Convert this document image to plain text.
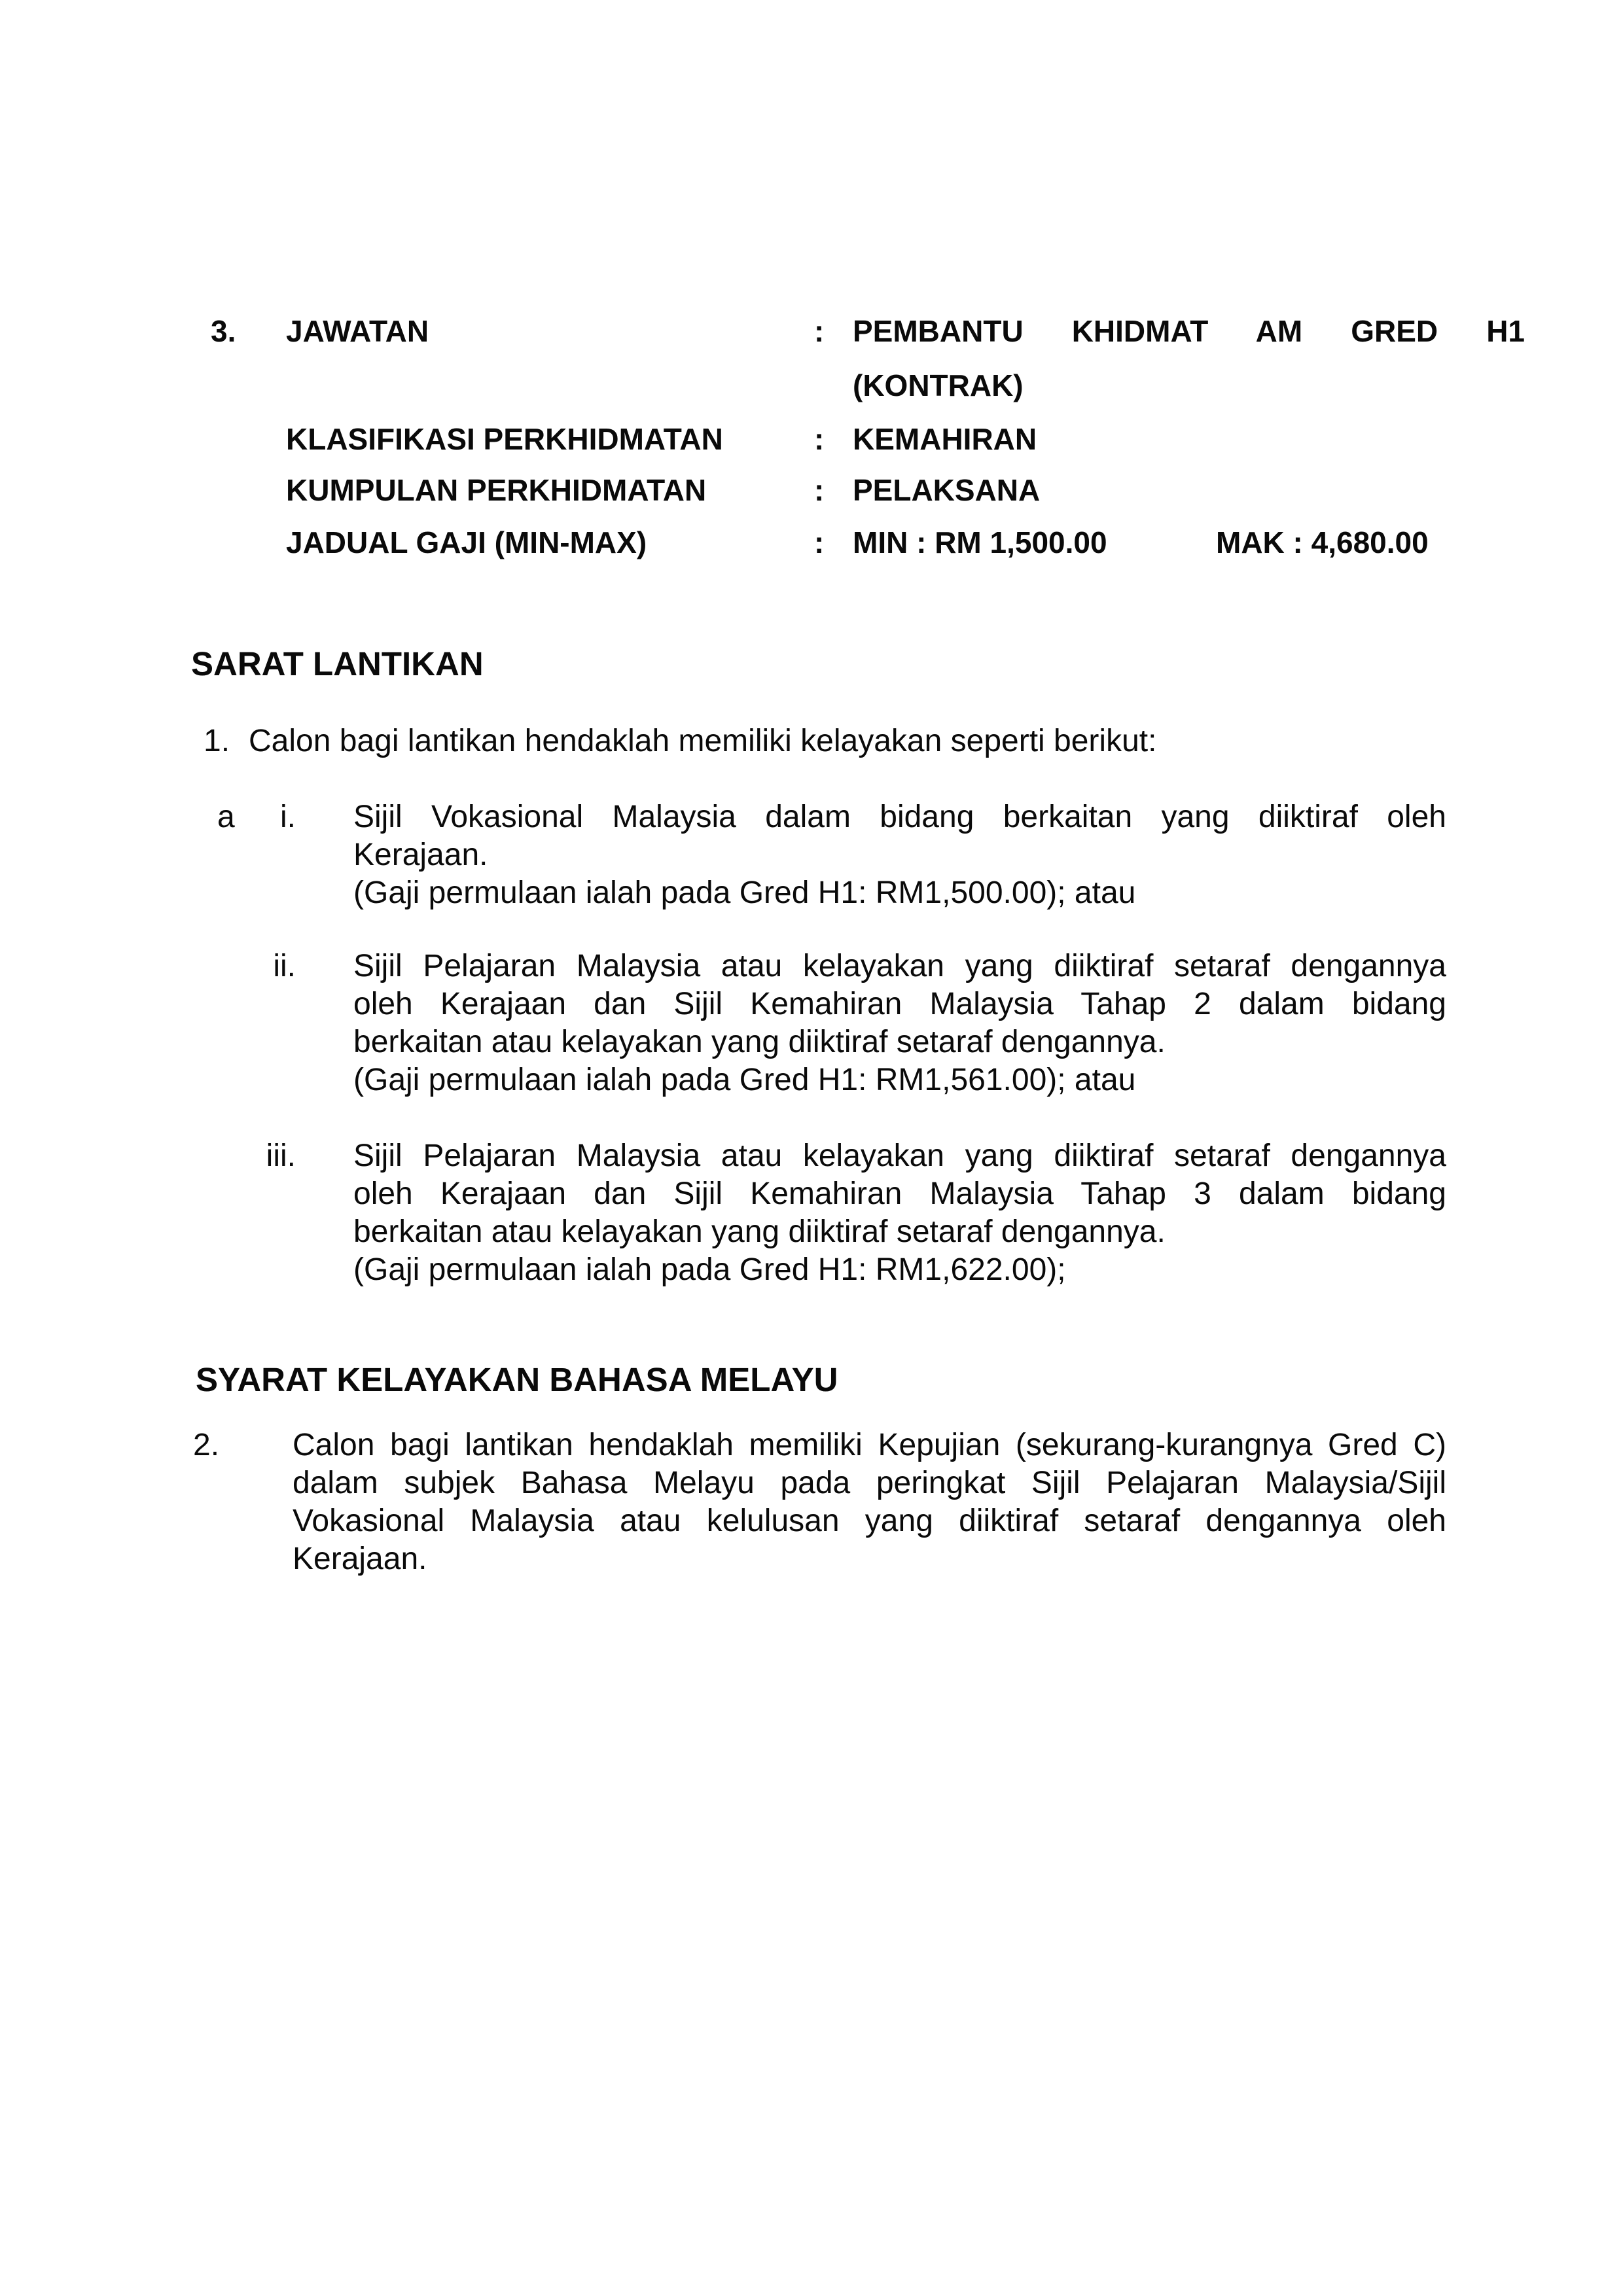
3. JAWATAN	: PEMBANTU KHIDMAT AM GRED H1
(KONTRAK)
KLASIFIKASI PERKHIDMATAN	: KEMAHIRAN
KUMPULAN PERKHIDMATAN	: PELAKSANA
JADUAL GAJI (MIN-MAX)	: MIN : RM 1,500.00	MAK : 4,680.00
SARAT LANTIKAN
1. Calon bagi lantikan hendaklah memiliki kelayakan seperti berikut:
a	i. Sijil Vokasional Malaysia dalam bidang berkaitan yang diiktiraf oleh
Kerajaan.
(Gaji permulaan ialah pada Gred H1: RM1,500.00); atau
ii. Sijil Pelajaran Malaysia atau kelayakan yang diiktiraf setaraf dengannya
oleh Kerajaan dan Sijil Kemahiran Malaysia Tahap 2 dalam bidang
berkaitan atau kelayakan yang diiktiraf setaraf dengannya.
(Gaji permulaan ialah pada Gred H1: RM1,561.00); atau
iii. Sijil Pelajaran Malaysia atau kelayakan yang diiktiraf setaraf dengannya
oleh Kerajaan dan Sijil Kemahiran Malaysia Tahap 3 dalam bidang
berkaitan atau kelayakan yang diiktiraf setaraf dengannya.
(Gaji permulaan ialah pada Gred H1: RM1,622.00);
SYARAT KELAYAKAN BAHASA MELAYU
2. Calon bagi lantikan hendaklah memiliki Kepujian (sekurang-kurangnya Gred C)
dalam subjek Bahasa Melayu pada peringkat Sijil Pelajaran Malaysia/Sijil
Vokasional Malaysia atau kelulusan yang diiktiraf setaraf dengannya oleh
Kerajaan.
